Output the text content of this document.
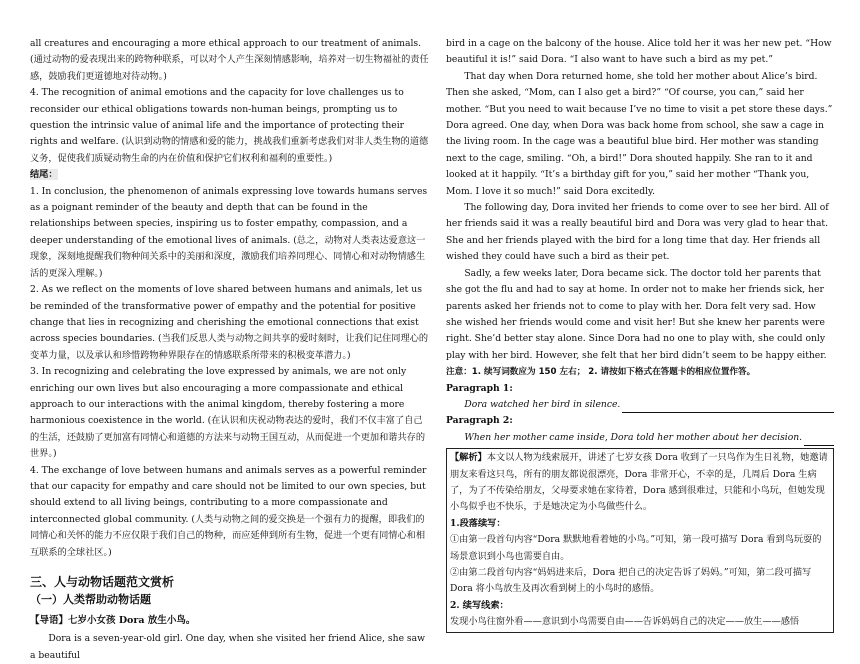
all creatures and encouraging a more ethical approach to our treatment of animals. (通过动物的爱表现出来的跨物种联系，可以对个人产生深刻情感影响，培养对一切生物福祉的责任感，鼓励我们更道德地对待动物。)

4. The recognition of animal emotions and the capacity for love challenges us to reconsider our ethical obligations towards non-human beings, prompting us to question the intrinsic value of animal life and the importance of protecting their rights and welfare. (认识到动物的情感和爱的能力，挑战我们重新考虑我们对非人类生物的道德义务，促使我们质疑动物生命的内在价值和保护它们权利和福利的重要性。)

结尾：

1. In conclusion, the phenomenon of animals expressing love towards humans serves as a poignant reminder of the beauty and depth that can be found in the relationships between species, inspiring us to foster empathy, compassion, and a deeper understanding of the emotional lives of animals. (总之，动物对人类表达爱意这一现象，深刻地提醒我们物种间关系中的美丽和深度，激励我们培养同理心、同情心和对动物情感生活的更深入理解。)

2. As we reflect on the moments of love shared between humans and animals, let us be reminded of the transformative power of empathy and the potential for positive change that lies in recognizing and cherishing the emotional connections that exist across species boundaries. (当我们反思人类与动物之间共享的爱时刻时，让我们记住同理心的变革力量，以及承认和珍惜跨物种界限存在的情感联系所带来的积极变革潜力。)

3. In recognizing and celebrating the love expressed by animals, we are not only enriching our own lives but also encouraging a more compassionate and ethical approach to our interactions with the animal kingdom, thereby fostering a more harmonious coexistence in the world. (在认识和庆祝动物表达的爱时，我们不仅丰富了自己的生活，还鼓励了更加富有同情心和道德的方法来与动物王国互动，从而促进一个更加和谐共存的世界。)

4. The exchange of love between humans and animals serves as a powerful reminder that our capacity for empathy and care should not be limited to our own species, but should extend to all living beings, contributing to a more compassionate and interconnected global community. (人类与动物之间的爱交换是一个强有力的提醒，即我们的同情心和关怀的能力不应仅限于我们自己的物种，而应延伸到所有生物，促进一个更有同情心和相互联系的全球社区。)

三、人与动物话题范文赏析
（一）人类帮助动物话题

【导语】七岁小女孩 Dora 放生小鸟。

Dora is a seven-year-old girl. One day, when she visited her friend Alice, she saw a beautiful

bird in a cage on the balcony of the house. Alice told her it was her new pet. “How beautiful it is!” said Dora. “I also want to have such a bird as my pet.”

That day when Dora returned home, she told her mother about Alice’s bird. Then she asked, “Mom, can I also get a bird?” “Of course, you can,” said her mother. “But you need to wait because I’ve no time to visit a pet store these days.” Dora agreed. One day, when Dora was back home from school, she saw a cage in the living room. In the cage was a beautiful blue bird. Her mother was standing next to the cage, smiling. “Oh, a bird!” Dora shouted happily. She ran to it and looked at it happily. “It’s a birthday gift for you,” said her mother “Thank you, Mom. I love it so much!” said Dora excitedly.

The following day, Dora invited her friends to come over to see her bird. All of her friends said it was a really beautiful bird and Dora was very glad to hear that. She and her friends played with the bird for a long time that day. Her friends all wished they could have such a bird as their pet.

Sadly, a few weeks later, Dora became sick. The doctor told her parents that she got the flu and had to say at home. In order not to make her friends sick, her parents asked her friends not to come to play with her. Dora felt very sad. How she wished her friends would come and visit her! But she knew her parents were right. She’d better stay alone. Since Dora had no one to play with, she could only play with her bird. However, she felt that her bird didn’t seem to be happy either.

注意：1. 续写词数应为 150 左右； 2. 请按如下格式在答题卡的相应位置作答。

Paragraph 1:

Dora watched her bird in silence.

Paragraph 2:

When her mother came inside, Dora told her mother about her decision.

【解析】本文以人物为线索展开，讲述了七岁女孩 Dora 收到了一只鸟作为生日礼物，她邀请朋友来看这只鸟，所有的朋友都说很漂亮，Dora 非常开心，不幸的是，几周后 Dora 生病了，为了不传染给朋友，父母要求她在家待着，Dora 感到很难过，只能和小鸟玩，但她发现小鸟似乎也不快乐，于是她决定为小鸟做些什么。

1.段落续写：

①由第一段首句内容“Dora 默默地看着她的小鸟。”可知，第一段可描写 Dora 看到鸟玩耍的场景意识到小鸟也需要自由。

②由第二段首句内容“妈妈进来后，Dora 把自己的决定告诉了妈妈。”可知，第二段可描写 Dora 将小鸟放生及再次看到树上的小鸟时的感悟。

2. 续写线索：

发现小鸟往窗外看——意识到小鸟需要自由——告诉妈妈自己的决定——放生——感悟
